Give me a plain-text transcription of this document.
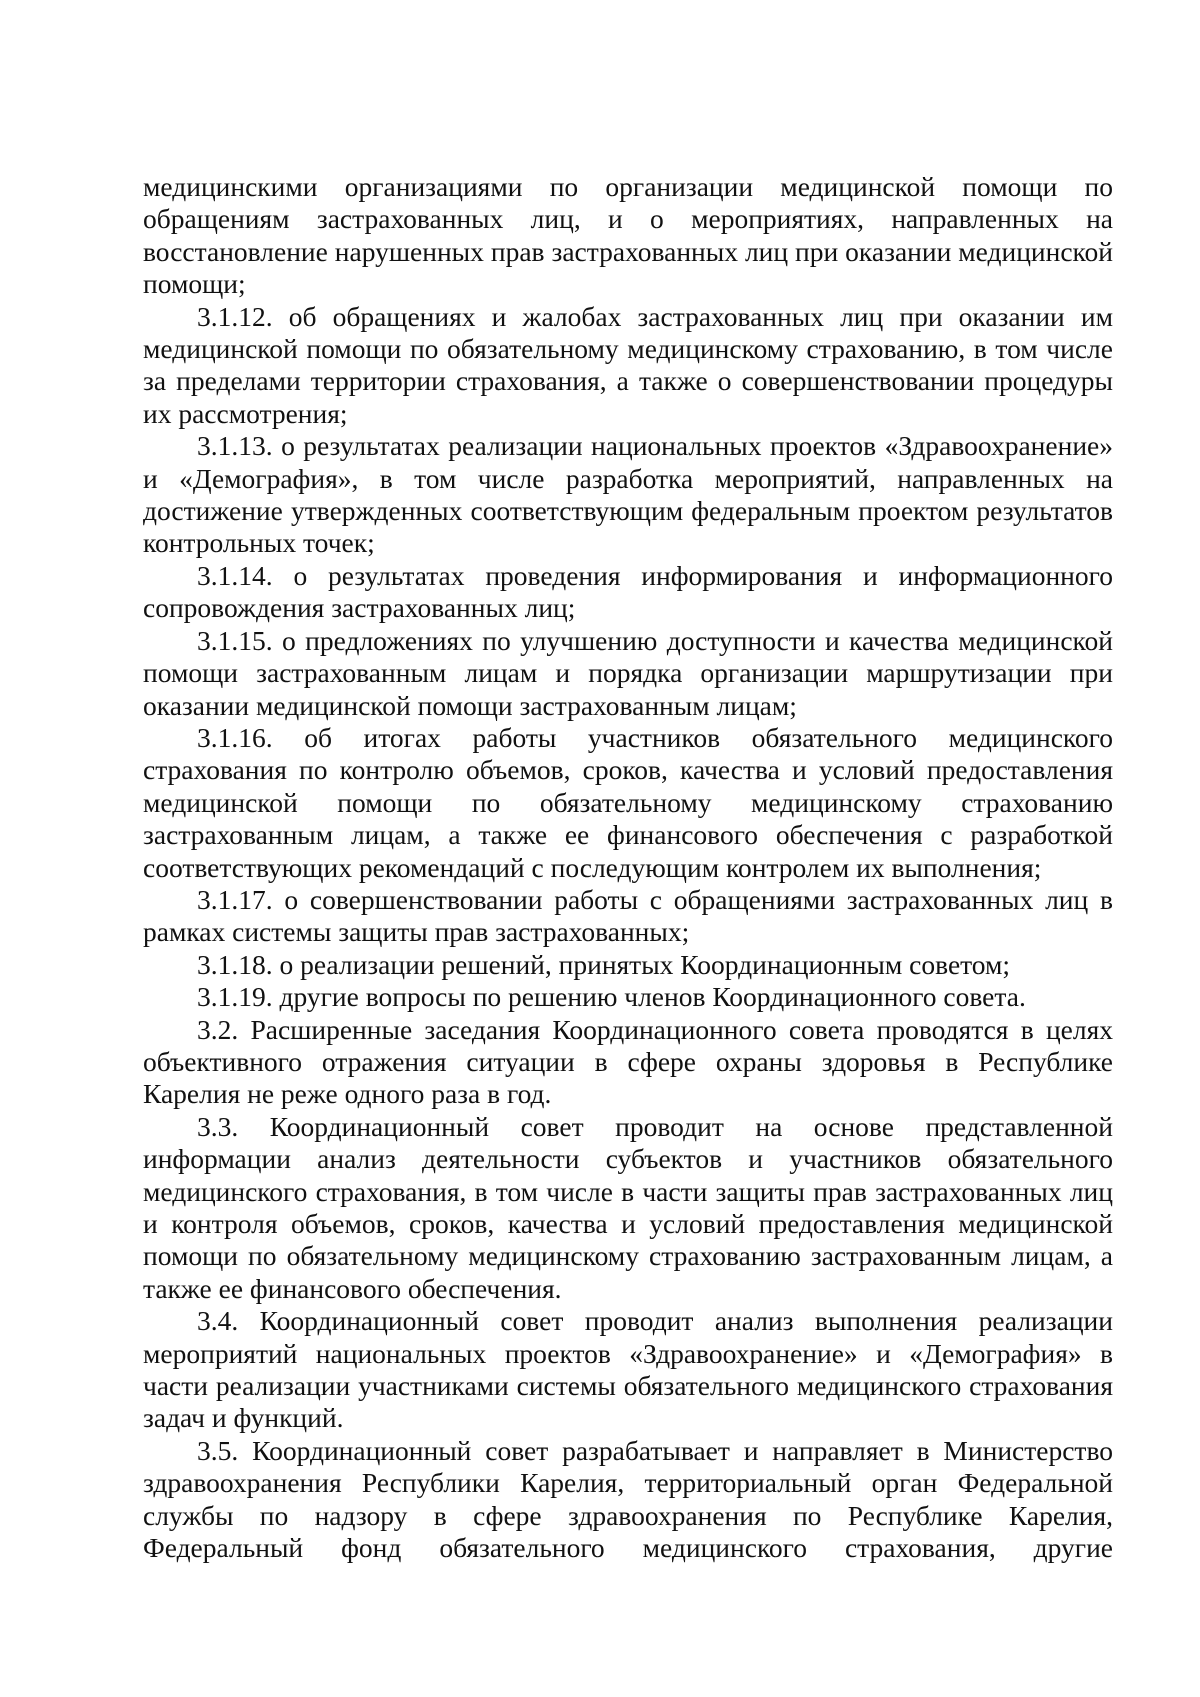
медицинскими организациями по организации медицинской помощи по обращениям застрахованных лиц, и о мероприятиях, направленных на восстановление нарушенных прав застрахованных лиц при оказании медицинской помощи;

3.1.12. об обращениях и жалобах застрахованных лиц при оказании им медицинской помощи по обязательному медицинскому страхованию, в том числе за пределами территории страхования, а также о совершенствовании процедуры их рассмотрения;

3.1.13. о результатах реализации национальных проектов «Здравоохранение» и «Демография», в том числе разработка мероприятий, направленных на достижение утвержденных соответствующим федеральным проектом результатов контрольных точек;

3.1.14. о результатах проведения информирования и информационного сопровождения застрахованных лиц;

3.1.15. о предложениях по улучшению доступности и качества медицинской помощи застрахованным лицам и порядка организации маршрутизации при оказании медицинской помощи застрахованным лицам;

3.1.16. об итогах работы участников обязательного медицинского страхования по контролю объемов, сроков, качества и условий предоставления медицинской помощи по обязательному медицинскому страхованию застрахованным лицам, а также ее финансового обеспечения с разработкой соответствующих рекомендаций с последующим контролем их выполнения;

3.1.17. о совершенствовании работы с обращениями застрахованных лиц в рамках системы защиты прав застрахованных;

3.1.18. о реализации решений, принятых Координационным советом;

3.1.19. другие вопросы по решению членов Координационного совета.

3.2. Расширенные заседания Координационного совета проводятся в целях объективного отражения ситуации в сфере охраны здоровья в Республике Карелия не реже одного раза в год.

3.3. Координационный совет проводит на основе представленной информации анализ деятельности субъектов и участников обязательного медицинского страхования, в том числе в части защиты прав застрахованных лиц и контроля объемов, сроков, качества и условий предоставления медицинской помощи по обязательному медицинскому страхованию застрахованным лицам, а также ее финансового обеспечения.

3.4. Координационный совет проводит анализ выполнения реализации мероприятий национальных проектов «Здравоохранение» и «Демография» в части реализации участниками системы обязательного медицинского страхования задач и функций.

3.5. Координационный совет разрабатывает и направляет в Министерство здравоохранения Республики Карелия, территориальный орган Федеральной службы по надзору в сфере здравоохранения по Республике Карелия, Федеральный фонд обязательного медицинского страхования, другие
